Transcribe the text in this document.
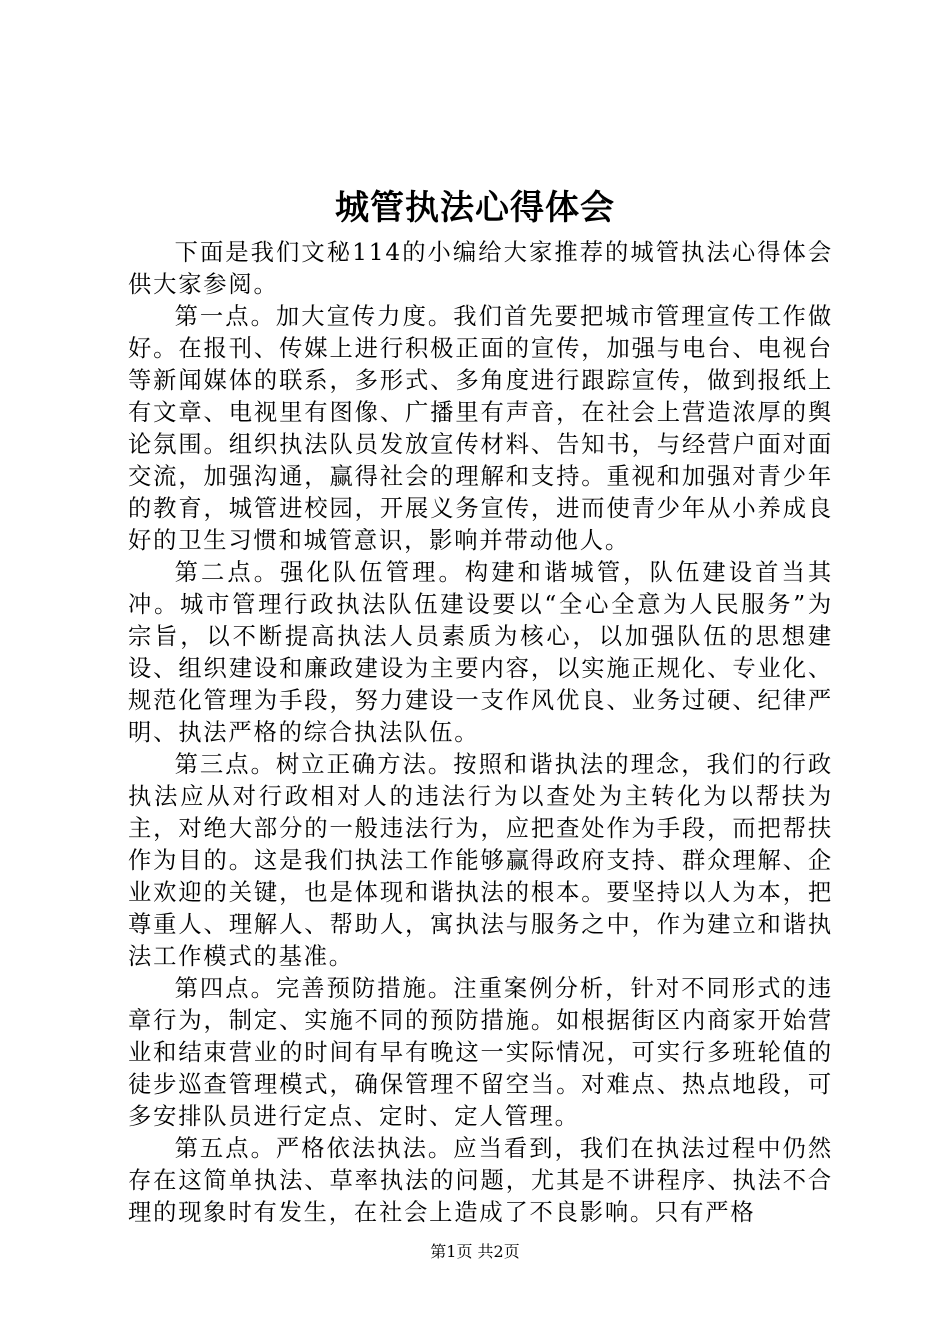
城管执法心得体会

下面是我们文秘114的小编给大家推荐的城管执法心得体会供大家参阅。

第一点。加大宣传力度。我们首先要把城市管理宣传工作做好。在报刊、传媒上进行积极正面的宣传，加强与电台、电视台等新闻媒体的联系，多形式、多角度进行跟踪宣传，做到报纸上有文章、电视里有图像、广播里有声音，在社会上营造浓厚的舆论氛围。组织执法队员发放宣传材料、告知书，与经营户面对面交流，加强沟通，赢得社会的理解和支持。重视和加强对青少年的教育，城管进校园，开展义务宣传，进而使青少年从小养成良好的卫生习惯和城管意识，影响并带动他人。

第二点。强化队伍管理。构建和谐城管，队伍建设首当其冲。城市管理行政执法队伍建设要以“全心全意为人民服务”为宗旨，以不断提高执法人员素质为核心，以加强队伍的思想建设、组织建设和廉政建设为主要内容，以实施正规化、专业化、规范化管理为手段，努力建设一支作风优良、业务过硬、纪律严明、执法严格的综合执法队伍。

第三点。树立正确方法。按照和谐执法的理念，我们的行政执法应从对行政相对人的违法行为以查处为主转化为以帮扶为主，对绝大部分的一般违法行为，应把查处作为手段，而把帮扶作为目的。这是我们执法工作能够赢得政府支持、群众理解、企业欢迎的关键，也是体现和谐执法的根本。要坚持以人为本，把尊重人、理解人、帮助人，寓执法与服务之中，作为建立和谐执法工作模式的基准。

第四点。完善预防措施。注重案例分析，针对不同形式的违章行为，制定、实施不同的预防措施。如根据街区内商家开始营业和结束营业的时间有早有晚这一实际情况，可实行多班轮值的徒步巡查管理模式，确保管理不留空当。对难点、热点地段，可多安排队员进行定点、定时、定人管理。

第五点。严格依法执法。应当看到，我们在执法过程中仍然存在这简单执法、草率执法的问题，尤其是不讲程序、执法不合理的现象时有发生，在社会上造成了不良影响。只有严格

第1页 共2页
